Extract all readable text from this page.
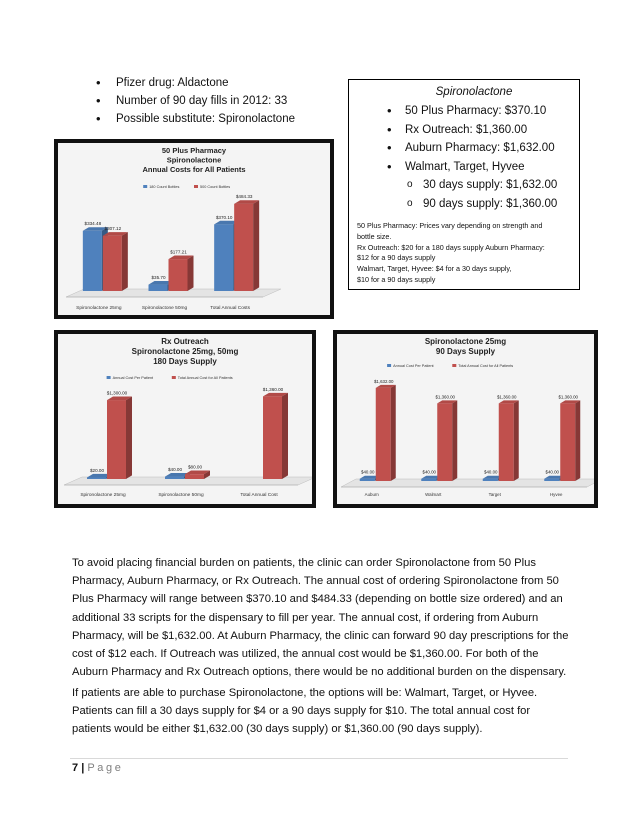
• Pfizer drug: Aldactone
• Number of 90 day fills in 2012: 33
• Possible substitute: Spironolactone
Spironolactone
• 50 Plus Pharmacy: $370.10
• Rx Outreach: $1,360.00
• Auburn Pharmacy: $1,632.00
• Walmart, Target, Hyvee
o 30 days supply: $1,632.00
o 90 days supply: $1,360.00
50 Plus Pharmacy: Prices vary depending on strength and
bottle size.
Rx Outreach: $20 for a 180 days supply Auburn Pharmacy:
$12 for a 90 days supply
Walmart, Target, Hyvee: $4 for a 30 days supply,
$10 for a 90 days supply
50 Plus Pharmacy
Spironolactone
Annual Costs for All Patients
180 Count Bottles	500 Count Bottles
$334.48
$307.12
Spironolactone 25mg
$35.70
$177.21
Spironolactone 50mg
$370.10
$484.33
Total Annual Costs
Rx Outreach
Spironolactone 25mg, 50mg
180 Days Supply
Annual Cost Per Patient	Total Annual Cost for All Patients
$20.00
$1,300.00
Spironolactone 25mg
$40.00 $80.00
Spironolactone 50mg
$1,360.00
Total Annual Cost
Spironolactone 25mg
90 Days Supply
Annual Cost Per Patient	Total Annual Cost for All Patients
$40.00
$1,632.00
Auburn
$40.00
$1,360.00
Walmart
$40.00
$1,360.00
Target
$40.00
$1,360.00
Hyvee
To avoid placing financial burden on patients, the clinic can order Spironolactone from 50 Plus Pharmacy, Auburn Pharmacy, or Rx Outreach. The annual cost of ordering Spironolactone from 50 Plus Pharmacy will range between $370.10 and $484.33 (depending on bottle size ordered) and an additional 33 scripts for the dispensary to fill per year. The annual cost, if ordering from Auburn Pharmacy, will be $1,632.00. At Auburn Pharmacy, the clinic can forward 90 day prescriptions for the cost of $12 each. If Outreach was utilized, the annual cost would be $1,360.00. For both of the Auburn Pharmacy and Rx Outreach options, there would be no additional burden on the dispensary.
If patients are able to purchase Spironolactone, the options will be: Walmart, Target, or Hyvee. Patients can fill a 30 days supply for $4 or a 90 days supply for $10. The total annual cost for patients would be either $1,632.00 (30 days supply) or $1,360.00 (90 days supply).
7 | Page
